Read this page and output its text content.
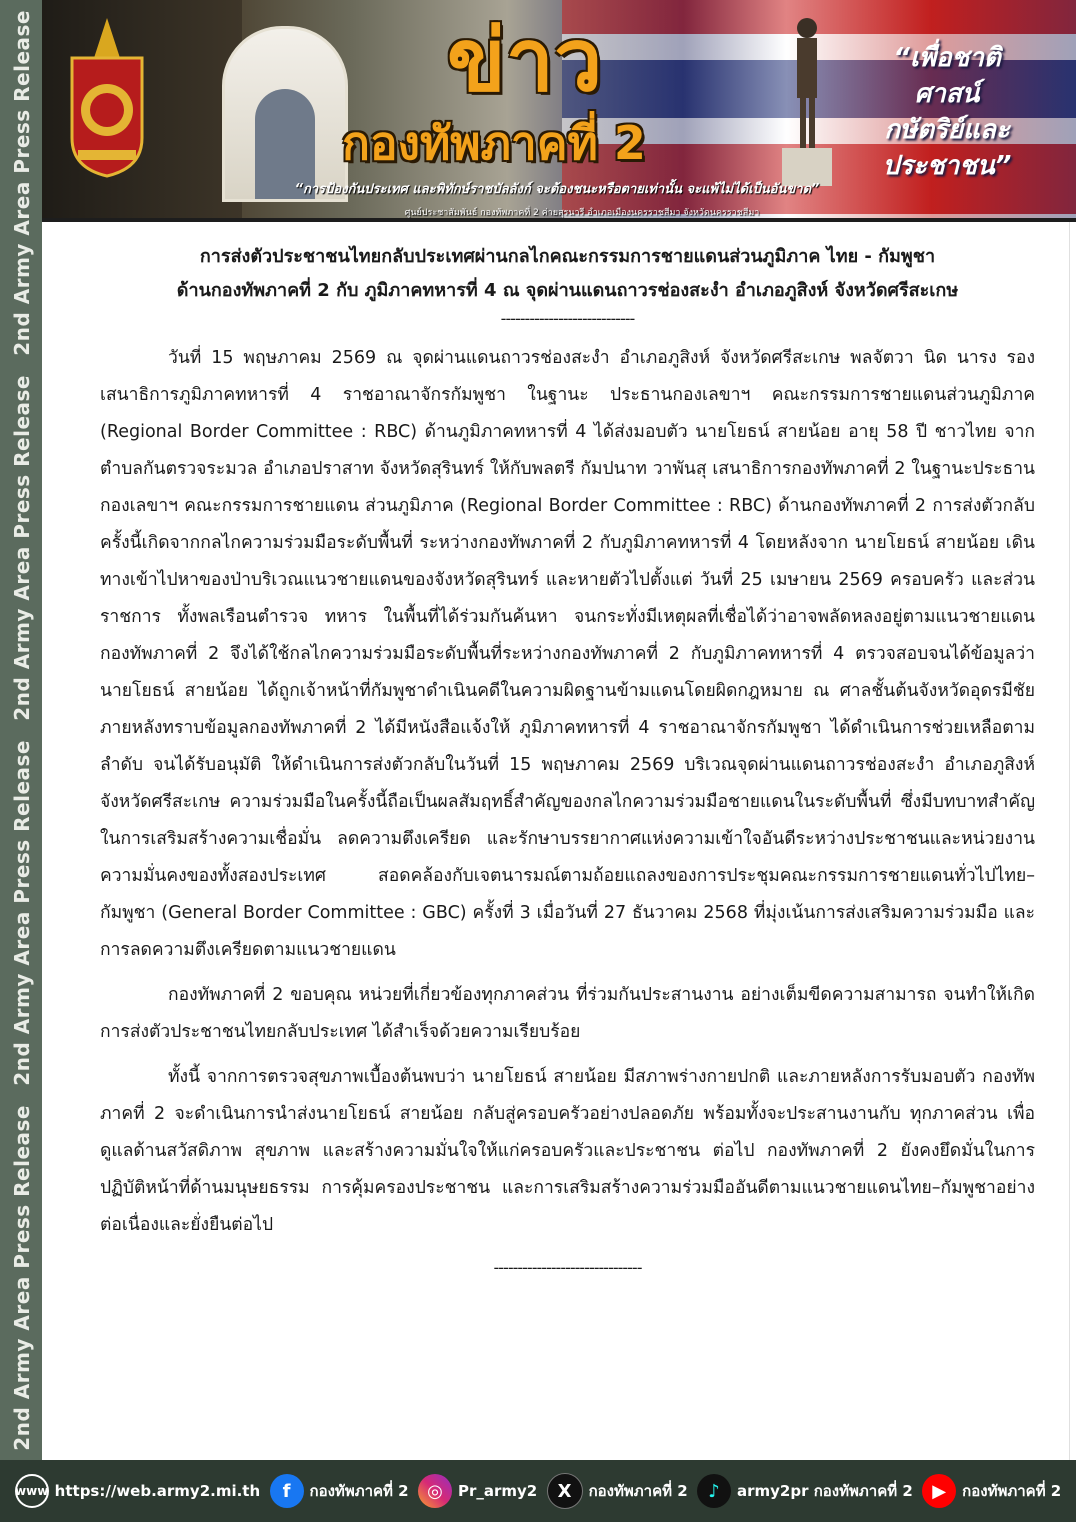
2nd Army Area Press Release
2nd Army Area Press Release
2nd Army Area Press Release
2nd Army Area Press Release
ข่าว
กองทัพภาคที่ 2
“เพื่อชาติ
ศาสน์
กษัตริย์และประชาชน”
“การป้องกันประเทศ และพิทักษ์ราชบัลลังก์ จะต้องชนะหรือตายเท่านั้น จะแพ้ไม่ได้เป็นอันขาด”
ศูนย์ประชาสัมพันธ์ กองทัพภาคที่ 2 ค่ายสุรนารี อำเภอเมืองนครราชสีมา จังหวัดนครราชสีมา

การส่งตัวประชาชนไทยกลับประเทศผ่านกลไกคณะกรรมการชายแดนส่วนภูมิภาค ไทย - กัมพูชา

ด้านกองทัพภาคที่ 2 กับ ภูมิภาคทหารที่ 4 ณ จุดผ่านแดนถาวรช่องสะงำ อำเภอภูสิงห์ จังหวัดศรีสะเกษ

----------------------------

วันที่ 15 พฤษภาคม 2569 ณ จุดผ่านแดนถาวรช่องสะงำ อำเภอภูสิงห์ จังหวัดศรีสะเกษ พลจัตวา นิด นารง รองเสนาธิการภูมิภาคทหารที่ 4 ราชอาณาจักรกัมพูชา ในฐานะ ประธานกองเลขาฯ คณะกรรมการชายแดนส่วนภูมิภาค (Regional Border Committee : RBC) ด้านภูมิภาคทหารที่ 4 ได้ส่งมอบตัว นายโยธน์ สายน้อย อายุ 58 ปี ชาวไทย จาก ตำบลกันตรวจระมวล อำเภอปราสาท จังหวัดสุรินทร์ ให้กับพลตรี กัมปนาท วาพันสุ เสนาธิการกองทัพภาคที่ 2 ในฐานะประธานกองเลขาฯ คณะกรรมการชายแดน ส่วนภูมิภาค (Regional Border Committee : RBC) ด้านกองทัพภาคที่ 2 การส่งตัวกลับครั้งนี้เกิดจากกลไกความร่วมมือระดับพื้นที่ ระหว่างกองทัพภาคที่ 2 กับภูมิภาคทหารที่ 4 โดยหลังจาก นายโยธน์ สายน้อย เดินทางเข้าไปหาของป่าบริเวณแนวชายแดนของจังหวัดสุรินทร์ และหายตัวไปตั้งแต่ วันที่ 25 เมษายน 2569 ครอบครัว และส่วนราชการ ทั้งพลเรือนตำรวจ ทหาร ในพื้นที่ได้ร่วมกันค้นหา จนกระทั่งมีเหตุผลที่เชื่อได้ว่าอาจพลัดหลงอยู่ตามแนวชายแดน กองทัพภาคที่ 2 จึงได้ใช้กลไกความร่วมมือระดับพื้นที่ระหว่างกองทัพภาคที่ 2 กับภูมิภาคทหารที่ 4 ตรวจสอบจนได้ข้อมูลว่านายโยธน์ สายน้อย ได้ถูกเจ้าหน้าที่กัมพูชาดำเนินคดีในความผิดฐานข้ามแดนโดยผิดกฎหมาย ณ ศาลชั้นต้นจังหวัดอุดรมีชัย ภายหลังทราบข้อมูลกองทัพภาคที่ 2 ได้มีหนังสือแจ้งให้ ภูมิภาคทหารที่ 4 ราชอาณาจักรกัมพูชา ได้ดำเนินการช่วยเหลือตามลำดับ จนได้รับอนุมัติ ให้ดำเนินการส่งตัวกลับในวันที่ 15 พฤษภาคม 2569 บริเวณจุดผ่านแดนถาวรช่องสะงำ อำเภอภูสิงห์ จังหวัดศรีสะเกษ ความร่วมมือในครั้งนี้ถือเป็นผลสัมฤทธิ์สำคัญของกลไกความร่วมมือชายแดนในระดับพื้นที่ ซึ่งมีบทบาทสำคัญในการเสริมสร้างความเชื่อมั่น ลดความตึงเครียด และรักษาบรรยากาศแห่งความเข้าใจอันดีระหว่างประชาชนและหน่วยงานความมั่นคงของทั้งสองประเทศ สอดคล้องกับเจตนารมณ์ตามถ้อยแถลงของการประชุมคณะกรรมการชายแดนทั่วไปไทย–กัมพูชา (General Border Committee : GBC) ครั้งที่ 3 เมื่อวันที่ 27 ธันวาคม 2568 ที่มุ่งเน้นการส่งเสริมความร่วมมือ และการลดความตึงเครียดตามแนวชายแดน

กองทัพภาคที่ 2 ขอบคุณ หน่วยที่เกี่ยวข้องทุกภาคส่วน ที่ร่วมกันประสานงาน อย่างเต็มขีดความสามารถ จนทำให้เกิดการส่งตัวประชาชนไทยกลับประเทศ ได้สำเร็จด้วยความเรียบร้อย

ทั้งนี้ จากการตรวจสุขภาพเบื้องต้นพบว่า นายโยธน์ สายน้อย มีสภาพร่างกายปกติ และภายหลังการรับมอบตัว กองทัพภาคที่ 2 จะดำเนินการนำส่งนายโยธน์ สายน้อย กลับสู่ครอบครัวอย่างปลอดภัย พร้อมทั้งจะประสานงานกับ ทุกภาคส่วน เพื่อดูแลด้านสวัสดิภาพ สุขภาพ และสร้างความมั่นใจให้แก่ครอบครัวและประชาชน ต่อไป กองทัพภาคที่ 2 ยังคงยึดมั่นในการปฏิบัติหน้าที่ด้านมนุษยธรรม การคุ้มครองประชาชน และการเสริมสร้างความร่วมมืออันดีตามแนวชายแดนไทย–กัมพูชาอย่างต่อเนื่องและยั่งยืนต่อไป

-------------------------------

www https://web.army2.mi.th	f	กองทัพภาคที่ 2	◎	Pr_army2	X	กองทัพภาคที่ 2	♪	army2pr กองทัพภาคที่ 2	▶	กองทัพภาคที่ 2
